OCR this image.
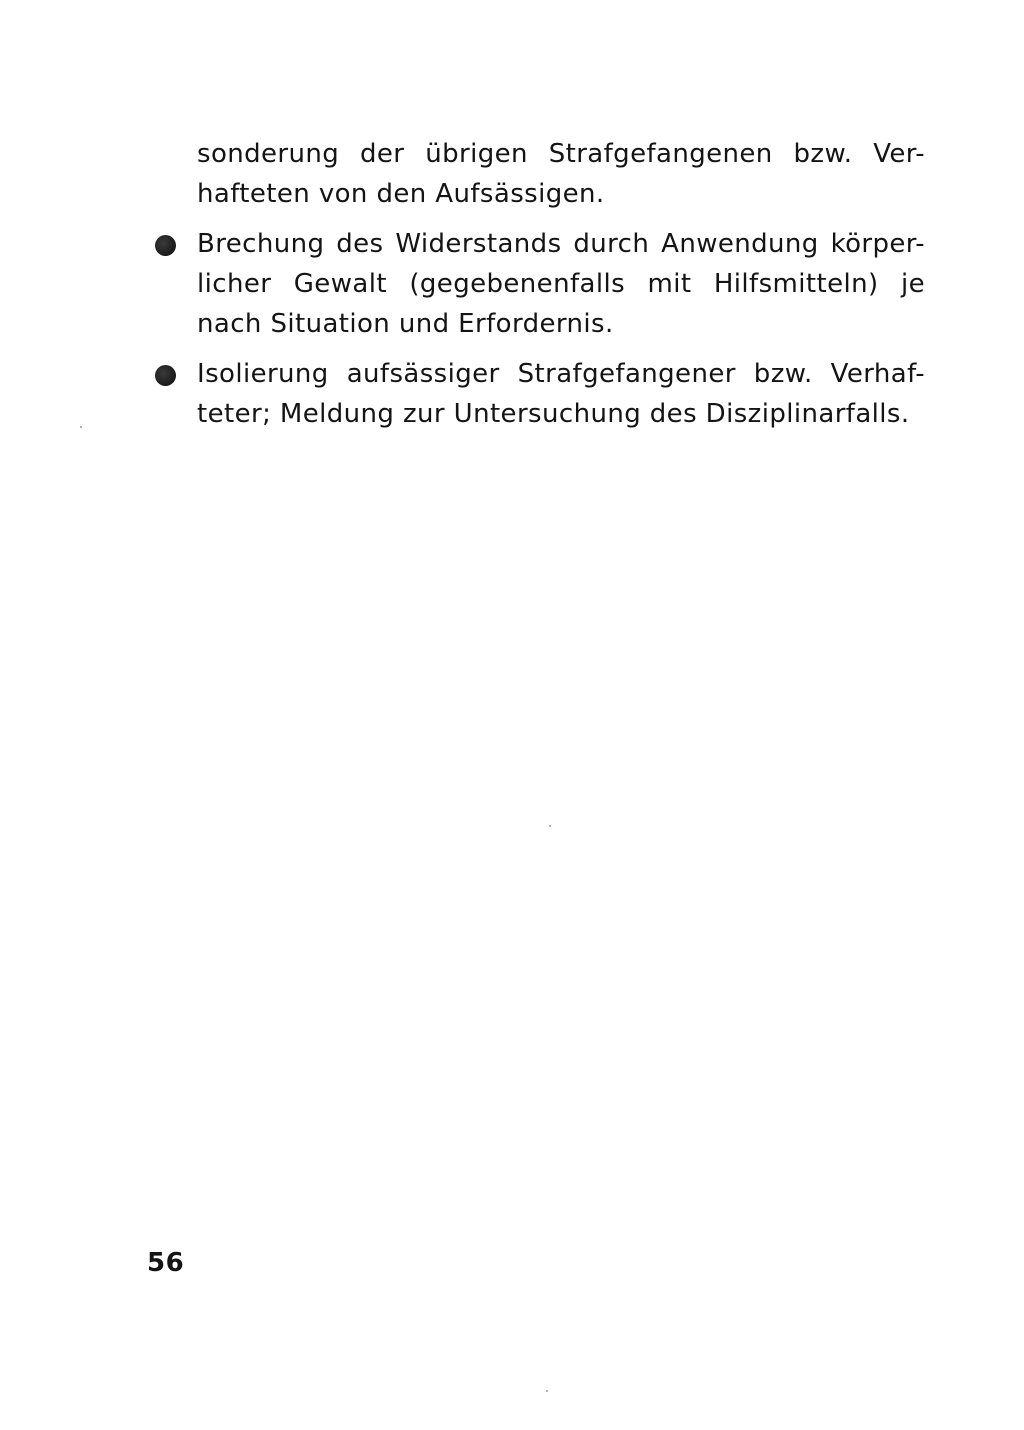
sonderung der übrigen Strafgefangenen bzw. Ver-
hafteten von den Aufsässigen.

Brechung des Widerstands durch Anwendung körper-
licher Gewalt (gegebenenfalls mit Hilfsmitteln) je
nach Situation und Erfordernis.

Isolierung aufsässiger Strafgefangener bzw. Verhaf-
teter; Meldung zur Untersuchung des Disziplinarfalls.

56
